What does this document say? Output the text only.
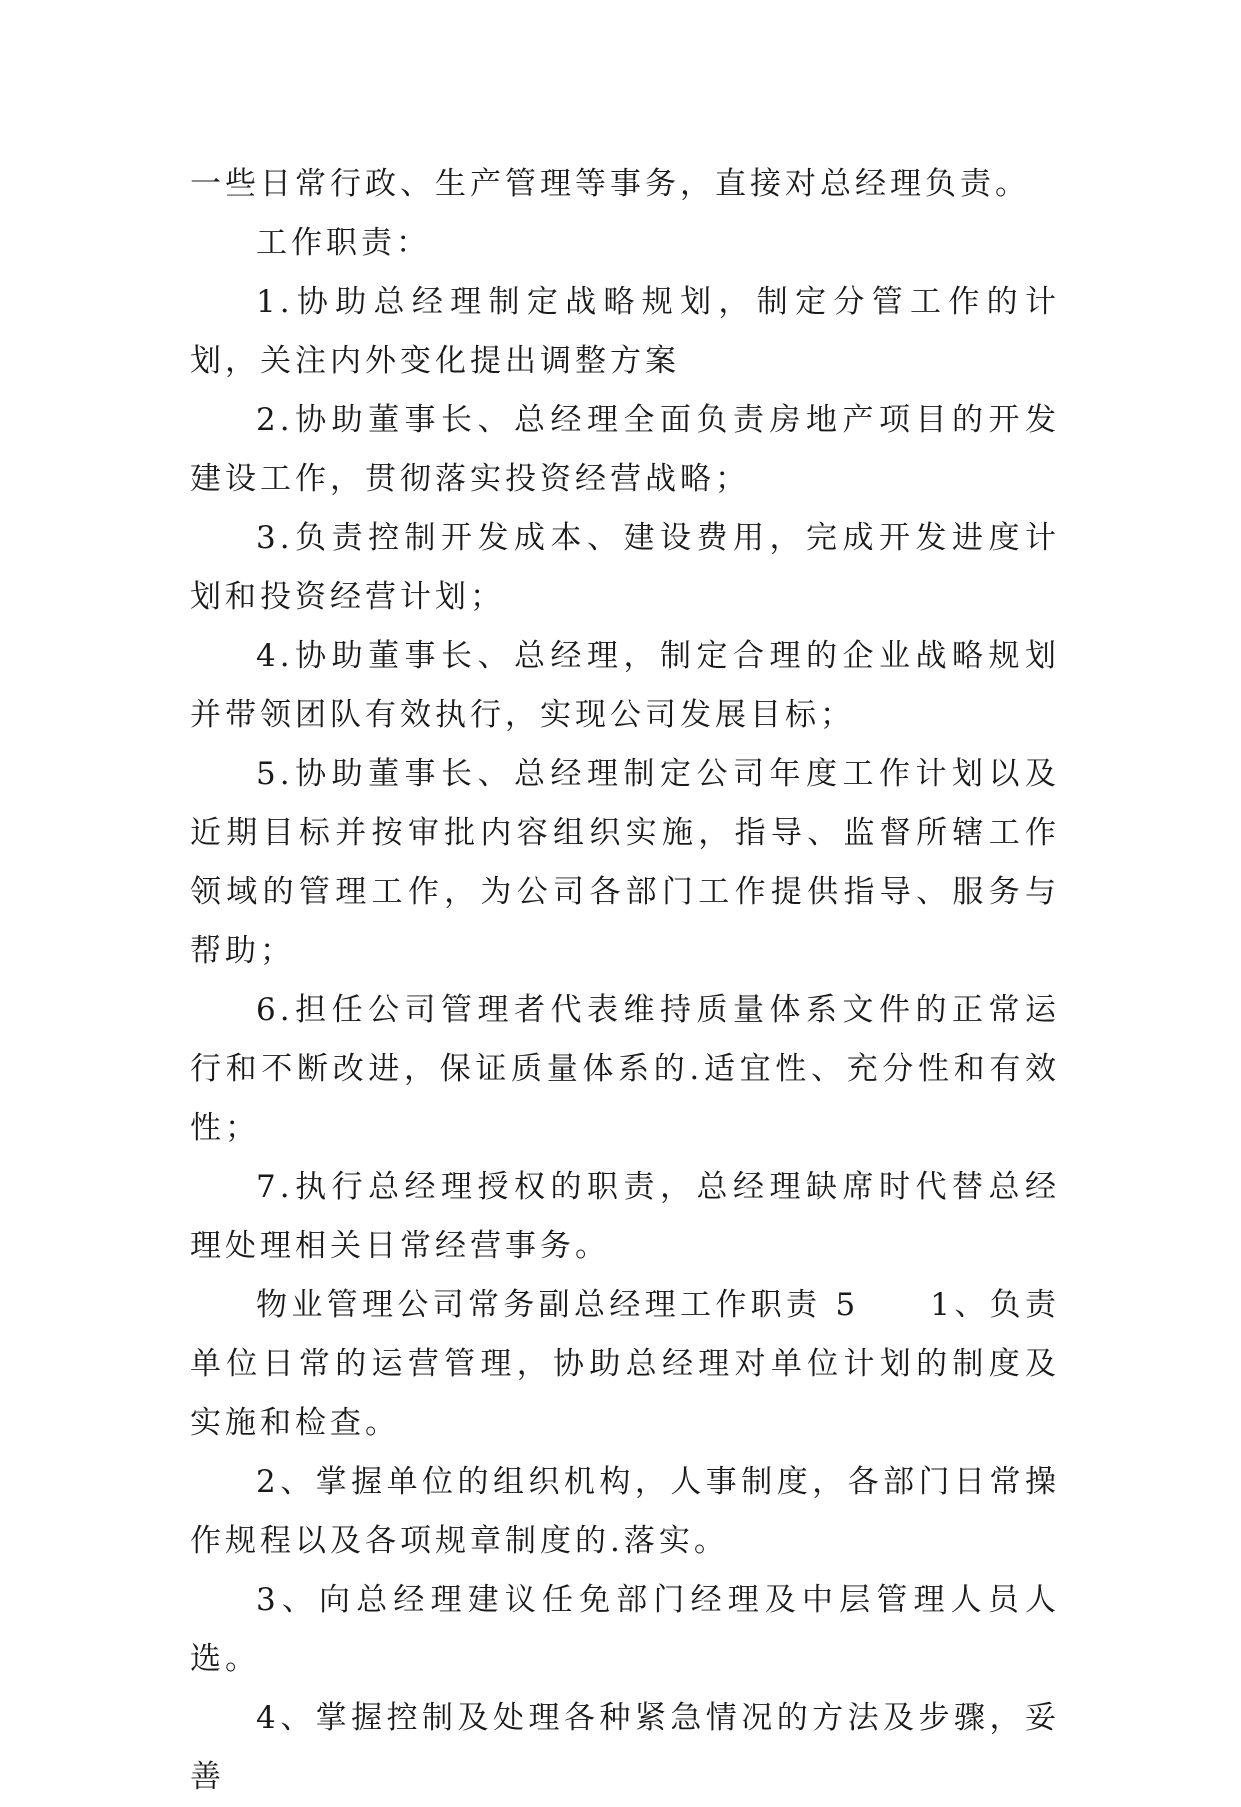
一些日常行政、生产管理等事务，直接对总经理负责。

工作职责：

1.协助总经理制定战略规划，制定分管工作的计划，关注内外变化提出调整方案

2.协助董事长、总经理全面负责房地产项目的开发建设工作，贯彻落实投资经营战略；

3.负责控制开发成本、建设费用，完成开发进度计划和投资经营计划；

4.协助董事长、总经理，制定合理的企业战略规划并带领团队有效执行，实现公司发展目标；

5.协助董事长、总经理制定公司年度工作计划以及近期目标并按审批内容组织实施，指导、监督所辖工作领域的管理工作，为公司各部门工作提供指导、服务与帮助；

6.担任公司管理者代表维持质量体系文件的正常运行和不断改进，保证质量体系的.适宜性、充分性和有效性；

7.执行总经理授权的职责，总经理缺席时代替总经理处理相关日常经营事务。

物业管理公司常务副总经理工作职责 5　　1、负责单位日常的运营管理，协助总经理对单位计划的制度及实施和检查。

2、掌握单位的组织机构，人事制度，各部门日常操作规程以及各项规章制度的.落实。

3、向总经理建议任免部门经理及中层管理人员人选。

4、掌握控制及处理各种紧急情况的方法及步骤，妥善
